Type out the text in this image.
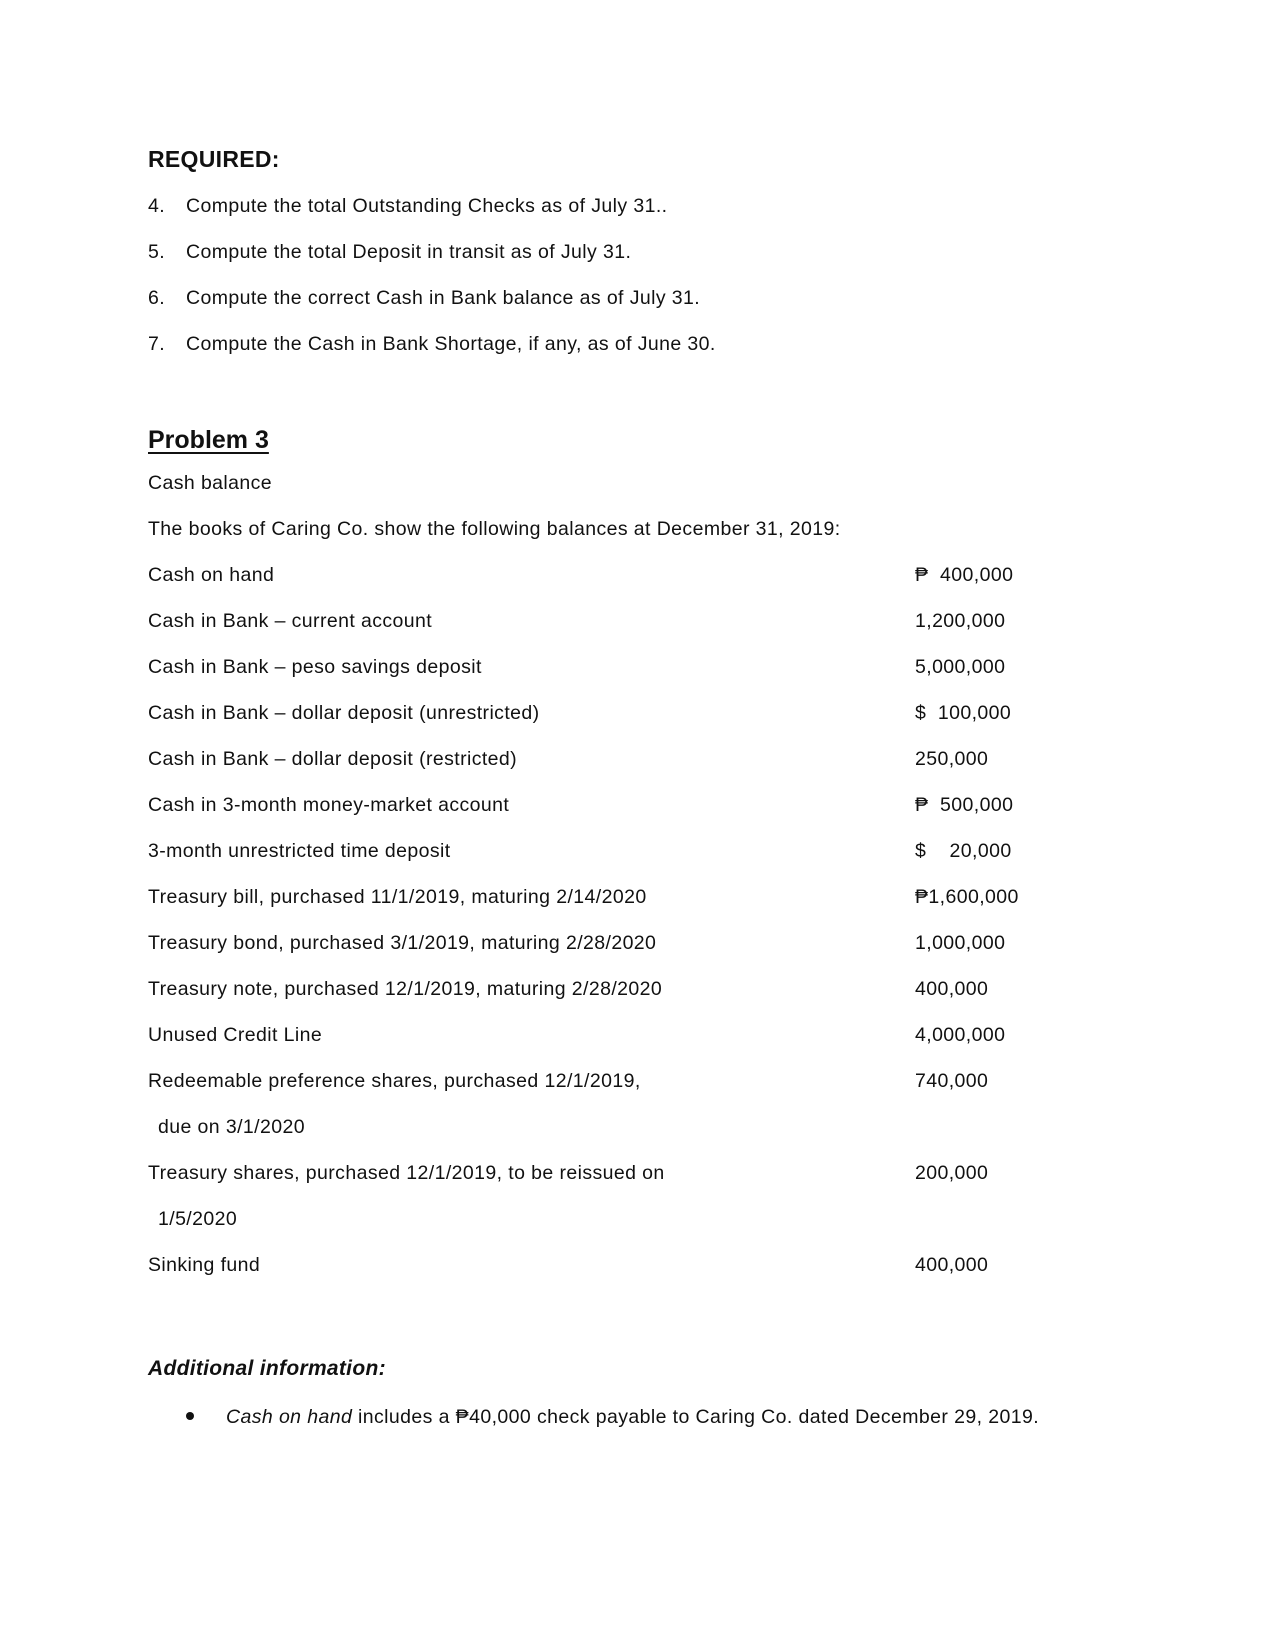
REQUIRED:
4. Compute the total Outstanding Checks as of July 31..
5. Compute the total Deposit in transit as of July 31.
6. Compute the correct Cash in Bank balance as of July 31.
7. Compute the Cash in Bank Shortage, if any, as of June 30.
Problem 3
Cash balance
The books of Caring Co. show the following balances at December 31, 2019:
Cash on hand	₱  400,000
Cash in Bank – current account	1,200,000
Cash in Bank – peso savings deposit	5,000,000
Cash in Bank – dollar deposit (unrestricted)	$  100,000
Cash in Bank – dollar deposit (restricted)	250,000
Cash in 3-month money-market account	₱  500,000
3-month unrestricted time deposit	$    20,000
Treasury bill, purchased 11/1/2019, maturing 2/14/2020	₱1,600,000
Treasury bond, purchased 3/1/2019, maturing 2/28/2020	1,000,000
Treasury note, purchased 12/1/2019, maturing 2/28/2020	400,000
Unused Credit Line	4,000,000
Redeemable preference shares, purchased 12/1/2019,	740,000
due on 3/1/2020
Treasury shares, purchased 12/1/2019, to be reissued on	200,000
1/5/2020
Sinking fund	400,000
Additional information:
Cash on hand includes a ₱40,000 check payable to Caring Co. dated December 29, 2019.
